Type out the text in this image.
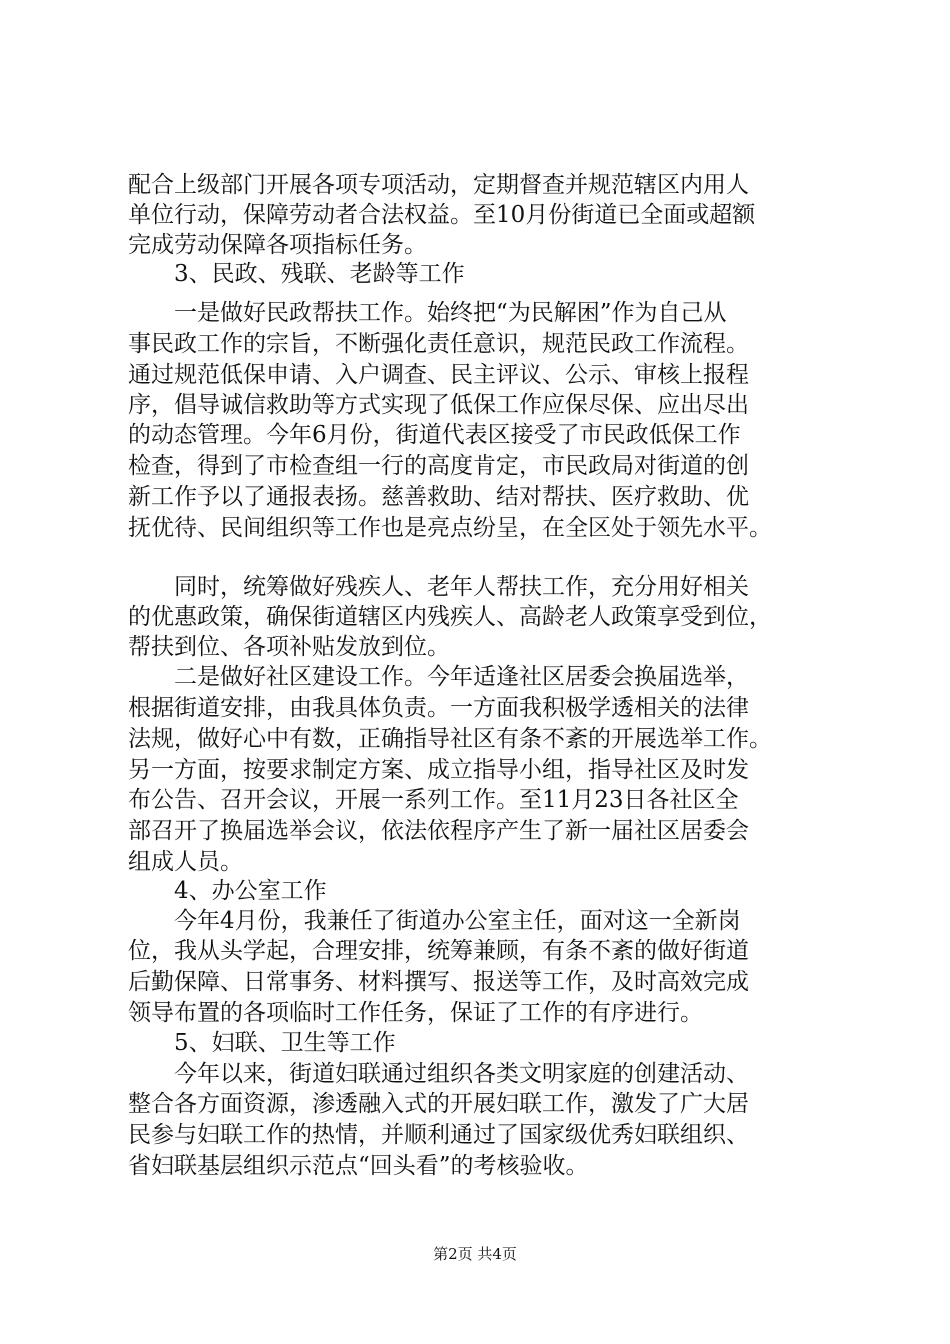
配合上级部门开展各项专项活动，定期督查并规范辖区内用人
单位行动，保障劳动者合法权益。至10月份街道已全面或超额
完成劳动保障各项指标任务。
3、民政、残联、老龄等工作
一是做好民政帮扶工作。始终把“为民解困”作为自己从
事民政工作的宗旨，不断强化责任意识，规范民政工作流程。
通过规范低保申请、入户调查、民主评议、公示、审核上报程
序，倡导诚信救助等方式实现了低保工作应保尽保、应出尽出
的动态管理。今年6月份，街道代表区接受了市民政低保工作
检查，得到了市检查组一行的高度肯定，市民政局对街道的创
新工作予以了通报表扬。慈善救助、结对帮扶、医疗救助、优
抚优待、民间组织等工作也是亮点纷呈，在全区处于领先水平。
同时，统筹做好残疾人、老年人帮扶工作，充分用好相关
的优惠政策，确保街道辖区内残疾人、高龄老人政策享受到位，
帮扶到位、各项补贴发放到位。
二是做好社区建设工作。今年适逢社区居委会换届选举，
根据街道安排，由我具体负责。一方面我积极学透相关的法律
法规，做好心中有数，正确指导社区有条不紊的开展选举工作。
另一方面，按要求制定方案、成立指导小组，指导社区及时发
布公告、召开会议，开展一系列工作。至11月23日各社区全
部召开了换届选举会议，依法依程序产生了新一届社区居委会
组成人员。
4、办公室工作
今年4月份，我兼任了街道办公室主任，面对这一全新岗
位，我从头学起，合理安排，统筹兼顾，有条不紊的做好街道
后勤保障、日常事务、材料撰写、报送等工作，及时高效完成
领导布置的各项临时工作任务，保证了工作的有序进行。
5、妇联、卫生等工作
今年以来，街道妇联通过组织各类文明家庭的创建活动、
整合各方面资源，渗透融入式的开展妇联工作，激发了广大居
民参与妇联工作的热情，并顺利通过了国家级优秀妇联组织、
省妇联基层组织示范点“回头看”的考核验收。
第2页 共4页
